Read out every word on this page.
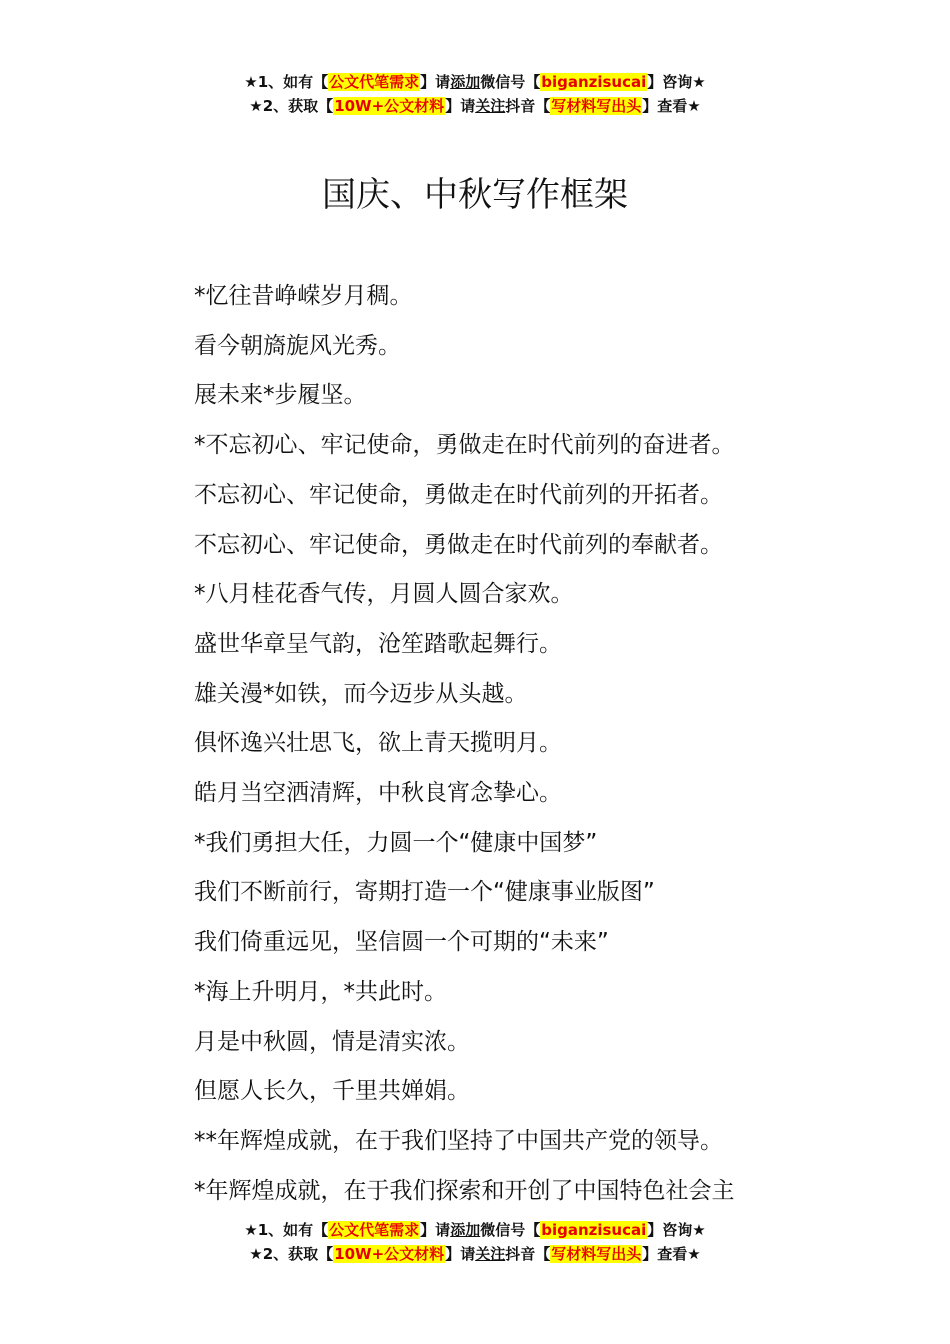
★1、如有【公文代笔需求】请添加微信号【biganzisucai】咨询★
★2、获取【10W+公文材料】请关注抖音【写材料写出头】查看★
国庆、中秋写作框架
*忆往昔峥嵘岁月稠。
看今朝旖旎风光秀。
展未来*步履坚。
*不忘初心、牢记使命，勇做走在时代前列的奋进者。
不忘初心、牢记使命，勇做走在时代前列的开拓者。
不忘初心、牢记使命，勇做走在时代前列的奉献者。
*八月桂花香气传，月圆人圆合家欢。
盛世华章呈气韵，沧笙踏歌起舞行。
雄关漫*如铁，而今迈步从头越。
俱怀逸兴壮思飞，欲上青天揽明月。
皓月当空洒清辉，中秋良宵念挚心。
*我们勇担大任，力圆一个“健康中国梦”
我们不断前行，寄期打造一个“健康事业版图”
我们倚重远见，坚信圆一个可期的“未来”
*海上升明月，*共此时。
月是中秋圆，情是清实浓。
但愿人长久，千里共婵娟。
**年辉煌成就，在于我们坚持了中国共产党的领导。
*年辉煌成就，在于我们探索和开创了中国特色社会主
★1、如有【公文代笔需求】请添加微信号【biganzisucai】咨询★
★2、获取【10W+公文材料】请关注抖音【写材料写出头】查看★
